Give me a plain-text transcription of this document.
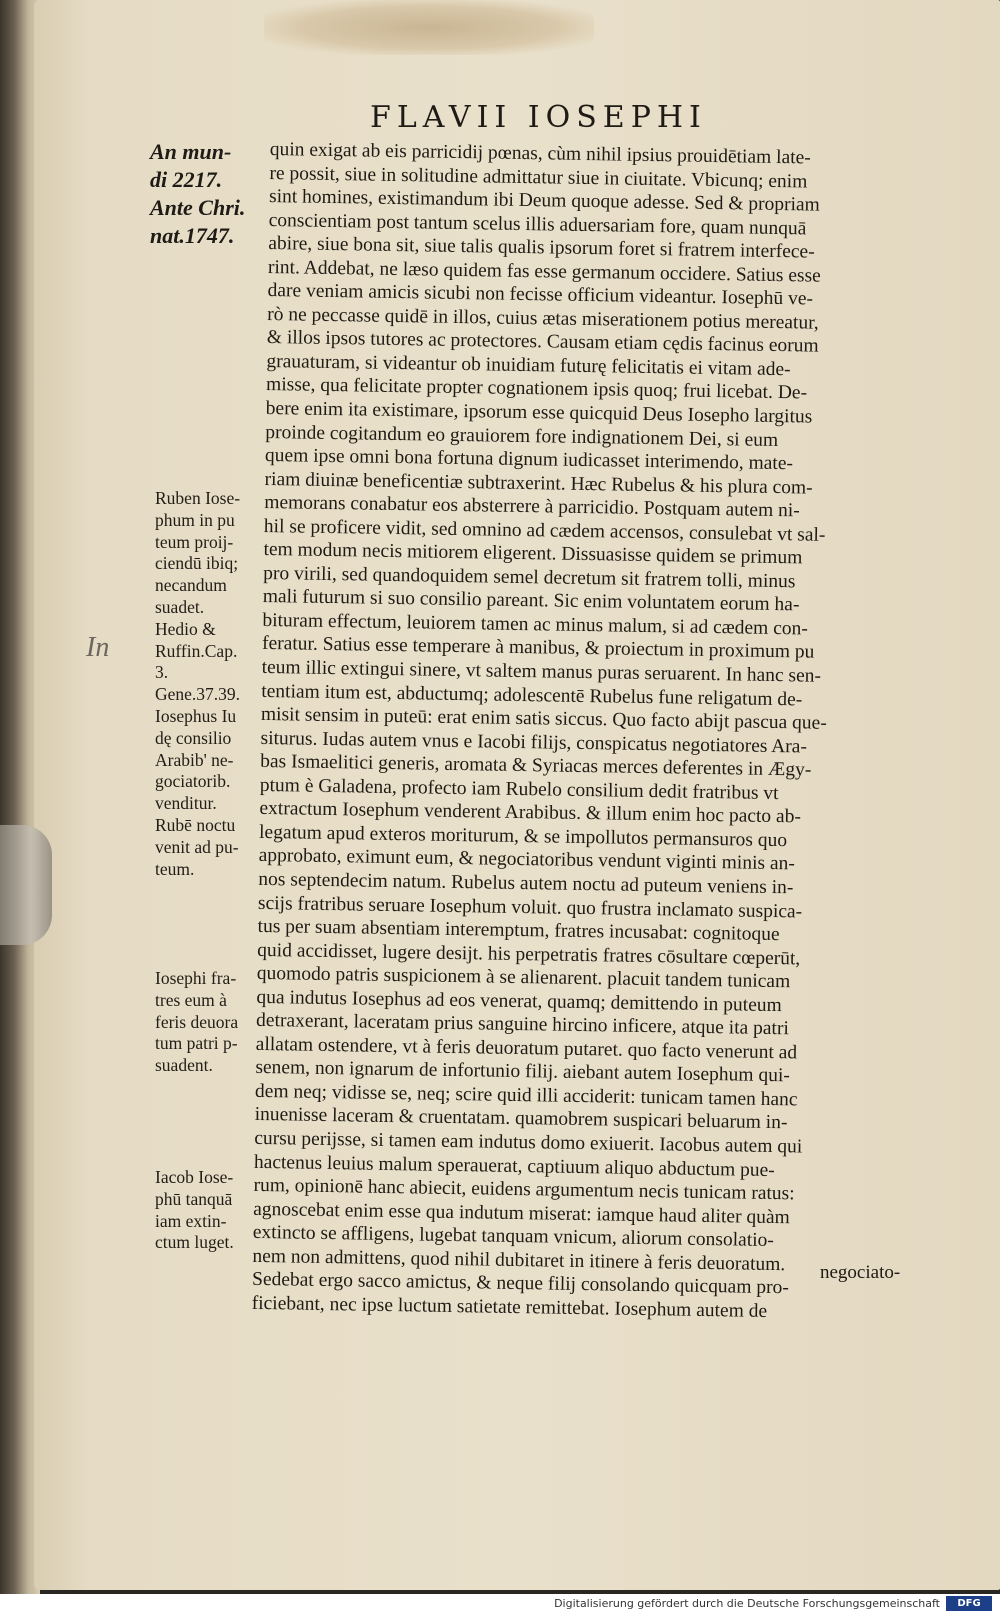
FLAVII IOSEPHI
An mun-
di 2217.
Ante Chri.
nat.1747.
Ruben Iose-
phum in pu
teum proij-
ciendū ibiq;
necandum
suadet.
Hedio &
Ruffin.Cap.
3.
Gene.37.39.
Iosephus Iu
dę consilio
Arabib' ne-
gociatorib.
venditur.
Rubē noctu
venit ad pu-
teum.
Iosephi fra-
tres eum à
feris deuora
tum patri p-
suadent.
Iacob Iose-
phū tanquā
iam extin-
ctum luget.
In
quin exigat ab eis parricidij pœnas, cùm nihil ipsius prouidētiam late-
re possit, siue in solitudine admittatur siue in ciuitate. Vbicunq; enim
sint homines, existimandum ibi Deum quoque adesse. Sed & propriam
conscientiam post tantum scelus illis aduersariam fore, quam nunquā
abire, siue bona sit, siue talis qualis ipsorum foret si fratrem interfece-
rint. Addebat, ne læso quidem fas esse germanum occidere. Satius esse
dare veniam amicis sicubi non fecisse officium videantur. Iosephū ve-
rò ne peccasse quidē in illos, cuius ætas miserationem potius mereatur,
& illos ipsos tutores ac protectores. Causam etiam cędis facinus eorum
grauaturam, si videantur ob inuidiam futurę felicitatis ei vitam ade-
misse, qua felicitate propter cognationem ipsis quoq; frui licebat. De-
bere enim ita existimare, ipsorum esse quicquid Deus Iosepho largitus
proinde cogitandum eo grauiorem fore indignationem Dei, si eum
quem ipse omni bona fortuna dignum iudicasset interimendo, mate-
riam diuinæ beneficentiæ subtraxerint. Hæc Rubelus & his plura com-
memorans conabatur eos absterrere à parricidio. Postquam autem ni-
hil se proficere vidit, sed omnino ad cædem accensos, consulebat vt sal-
tem modum necis mitiorem eligerent. Dissuasisse quidem se primum
pro virili, sed quandoquidem semel decretum sit fratrem tolli, minus
mali futurum si suo consilio pareant. Sic enim voluntatem eorum ha-
bituram effectum, leuiorem tamen ac minus malum, si ad cædem con-
feratur. Satius esse temperare à manibus, & proiectum in proximum pu
teum illic extingui sinere, vt saltem manus puras seruarent. In hanc sen-
tentiam itum est, abductumq; adolescentē Rubelus fune religatum de-
misit sensim in puteū: erat enim satis siccus. Quo facto abijt pascua que-
siturus. Iudas autem vnus e Iacobi filijs, conspicatus negotiatores Ara-
bas Ismaelitici generis, aromata & Syriacas merces deferentes in Ægy-
ptum è Galadena, profecto iam Rubelo consilium dedit fratribus vt
extractum Iosephum venderent Arabibus. & illum enim hoc pacto ab-
legatum apud exteros moriturum, & se impollutos permansuros quo
approbato, eximunt eum, & negociatoribus vendunt viginti minis an-
nos septendecim natum. Rubelus autem noctu ad puteum veniens in-
scijs fratribus seruare Iosephum voluit. quo frustra inclamato suspica-
tus per suam absentiam interemptum, fratres incusabat: cognitoque
quid accidisset, lugere desijt. his perpetratis fratres cōsultare cœperūt,
quomodo patris suspicionem à se alienarent. placuit tandem tunicam
qua indutus Iosephus ad eos venerat, quamq; demittendo in puteum
detraxerant, laceratam prius sanguine hircino inficere, atque ita patri
allatam ostendere, vt à feris deuoratum putaret. quo facto venerunt ad
senem, non ignarum de infortunio filij. aiebant autem Iosephum qui-
dem neq; vidisse se, neq; scire quid illi acciderit: tunicam tamen hanc
inuenisse laceram & cruentatam. quamobrem suspicari beluarum in-
cursu perijsse, si tamen eam indutus domo exiuerit. Iacobus autem qui
hactenus leuius malum sperauerat, captiuum aliquo abductum pue-
rum, opinionē hanc abiecit, euidens argumentum necis tunicam ratus:
agnoscebat enim esse qua indutum miserat: iamque haud aliter quàm
extincto se affligens, lugebat tanquam vnicum, aliorum consolatio-
nem non admittens, quod nihil dubitaret in itinere à feris deuoratum.
Sedebat ergo sacco amictus, & neque filij consolando quicquam pro-
ficiebant, nec ipse luctum satietate remittebat. Iosephum autem de
negociato-
Digitalisierung gefördert durch die Deutsche Forschungsgemeinschaft	DFG
